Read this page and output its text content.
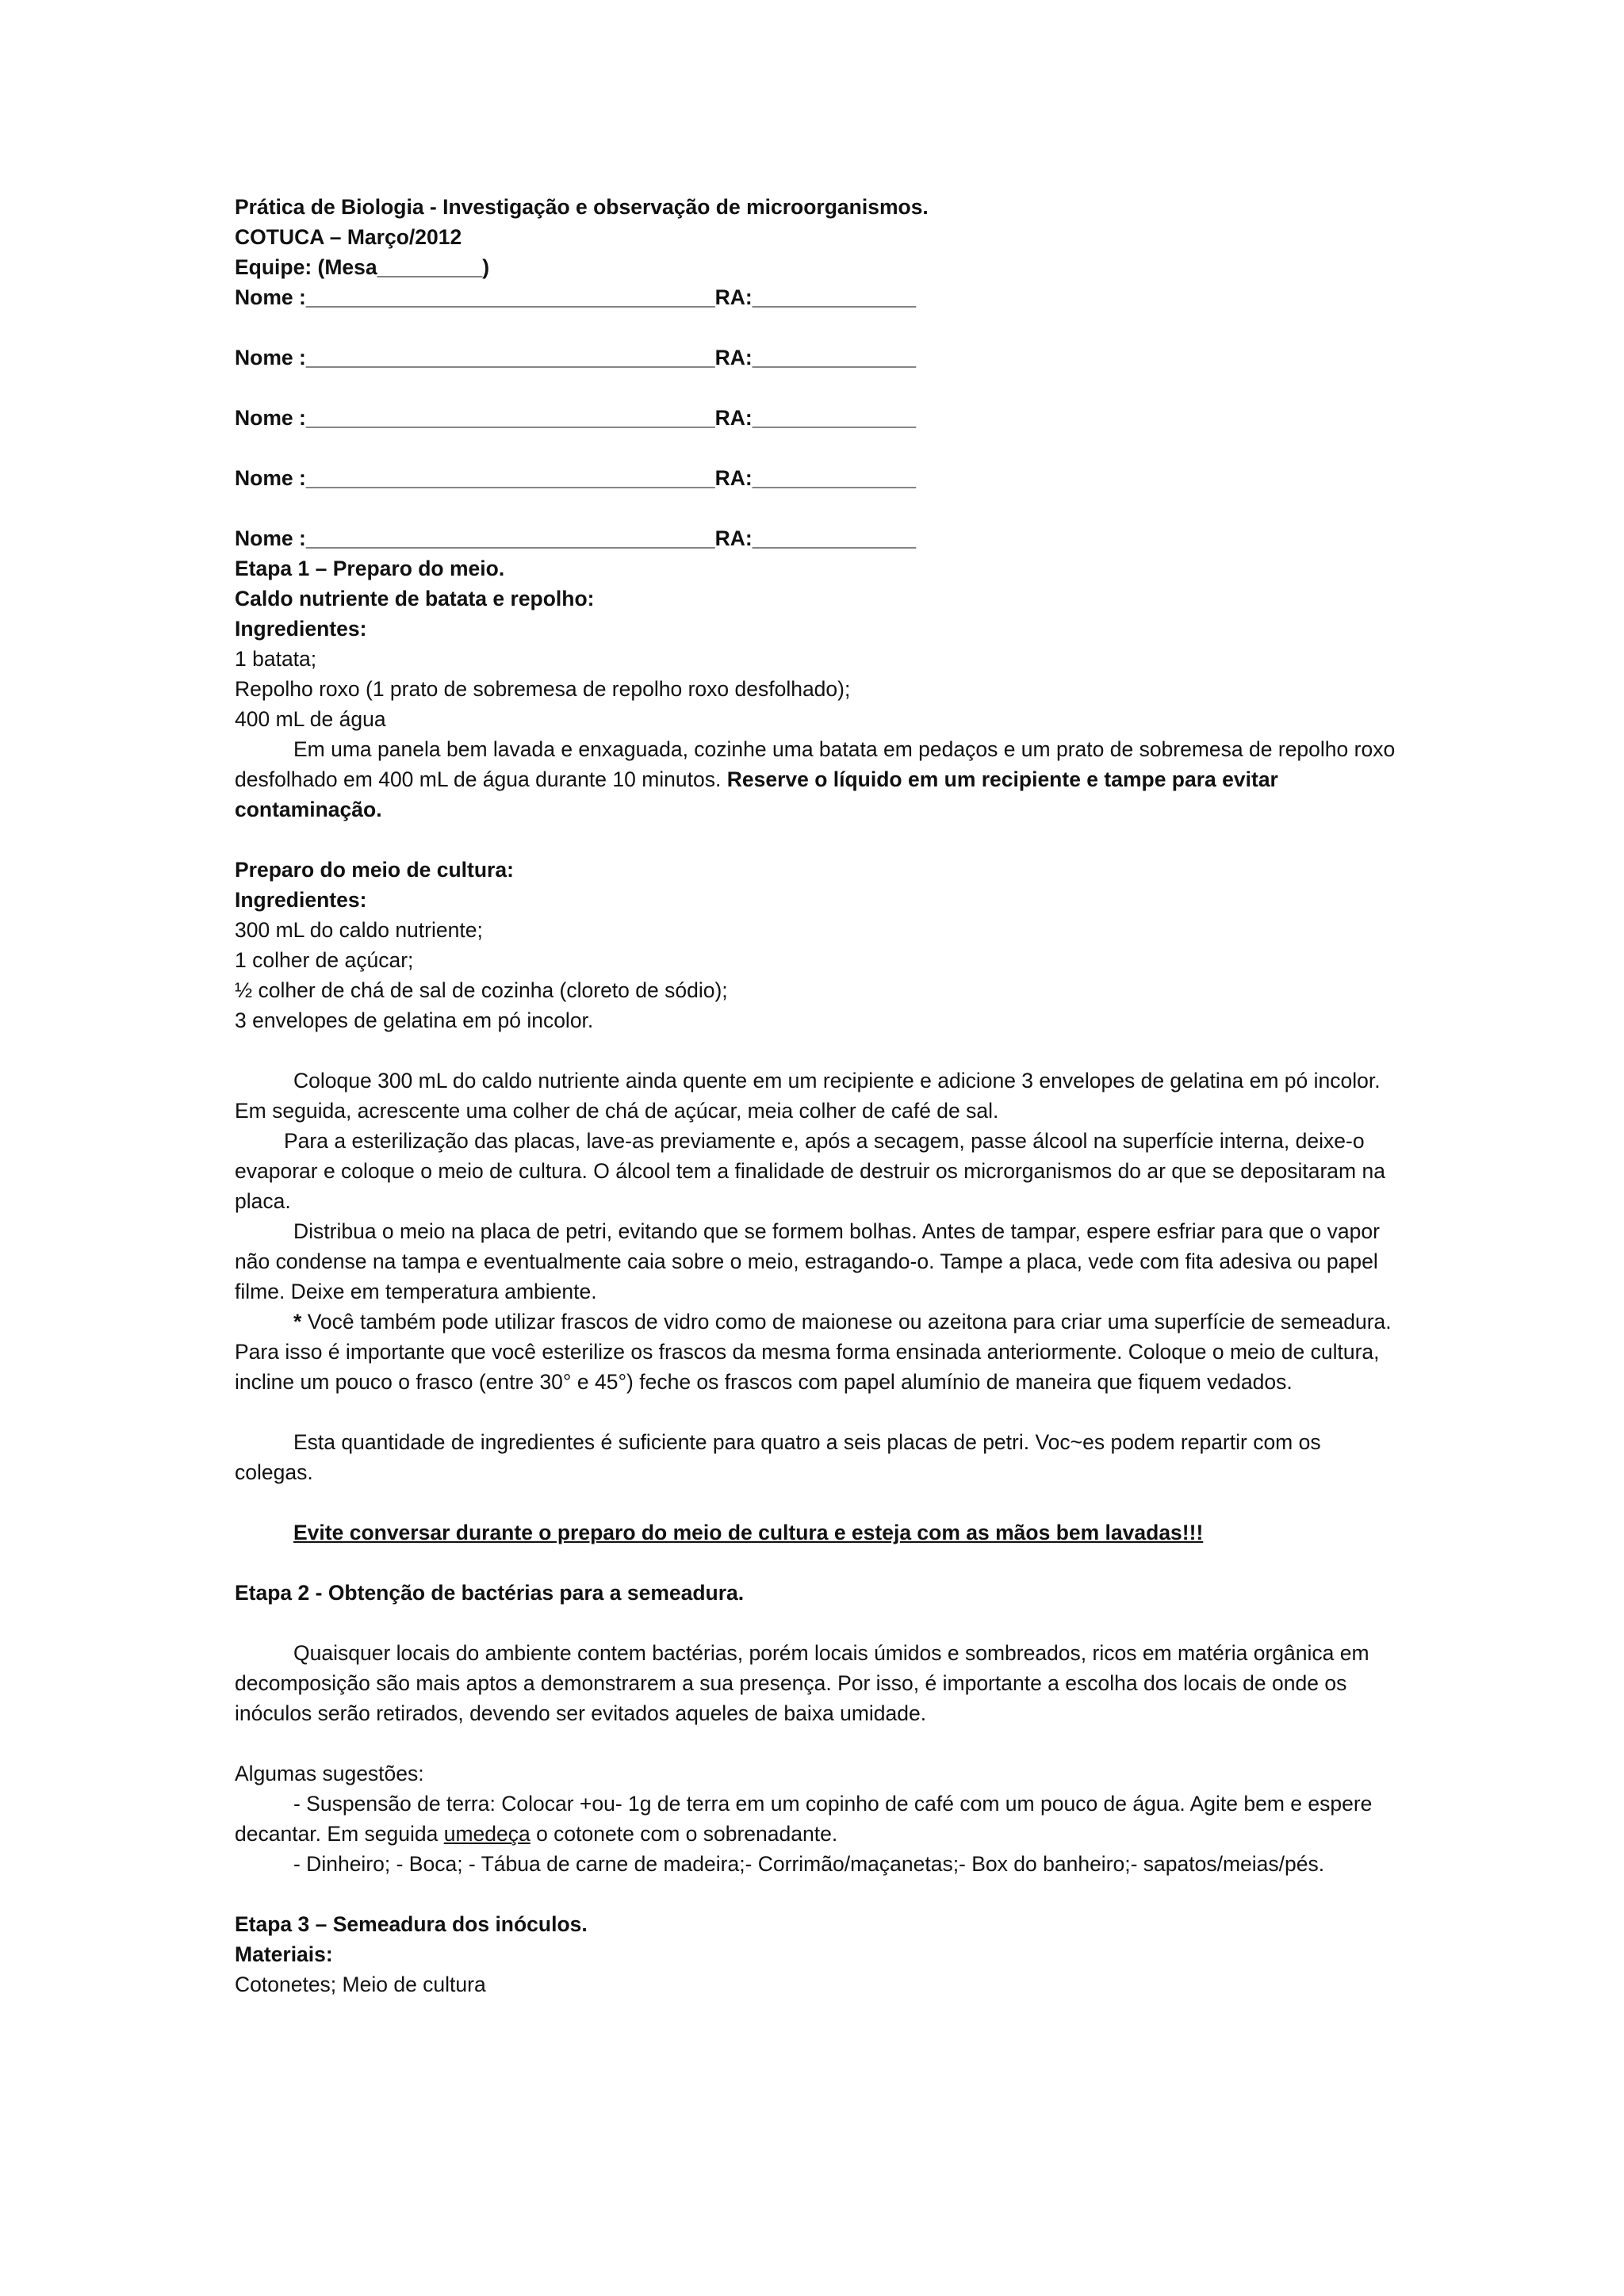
Prática de Biologia - Investigação e observação de microorganismos.
COTUCA – Março/2012
Equipe: (Mesa_________)
Nome :___________________________________RA:______________
Nome :___________________________________RA:______________
Nome :___________________________________RA:______________
Nome :___________________________________RA:______________
Nome :___________________________________RA:______________
Etapa 1 – Preparo do meio.
Caldo nutriente de batata e repolho:
Ingredientes:
1 batata;
Repolho roxo (1 prato de sobremesa de repolho roxo desfolhado);
400 mL de água

Em uma panela bem lavada e enxaguada, cozinhe uma batata em pedaços e um prato de sobremesa de repolho roxo desfolhado em 400 mL de água durante 10 minutos. Reserve o líquido em um recipiente e tampe para evitar contaminação.

Preparo do meio de cultura:
Ingredientes:
300 mL do caldo nutriente;
1 colher de açúcar;
½ colher de chá de sal de cozinha (cloreto de sódio);
3 envelopes de gelatina em pó incolor.

Coloque 300 mL do caldo nutriente ainda quente em um recipiente e adicione 3 envelopes de gelatina em pó incolor. Em seguida, acrescente uma colher de chá de açúcar, meia colher de café de sal.

Para a esterilização das placas, lave-as previamente e, após a secagem, passe álcool na superfície interna, deixe-o evaporar e coloque o meio de cultura. O álcool tem a finalidade de destruir os microrganismos do ar que se depositaram na placa.

Distribua o meio na placa de petri, evitando que se formem bolhas. Antes de tampar, espere esfriar para que o vapor não condense na tampa e eventualmente caia sobre o meio, estragando-o. Tampe a placa, vede com fita adesiva ou papel filme. Deixe em temperatura ambiente.

* Você também pode utilizar frascos de vidro como de maionese ou azeitona para criar uma superfície de semeadura. Para isso é importante que você esterilize os frascos da mesma forma ensinada anteriormente. Coloque o meio de cultura, incline um pouco o frasco (entre 30° e 45°) feche os frascos com papel alumínio de maneira que fiquem vedados.

Esta quantidade de ingredientes é suficiente para quatro a seis placas de petri. Voc~es podem repartir com os colegas.

Evite conversar durante o preparo do meio de cultura e esteja com as mãos bem lavadas!!!
Etapa 2 - Obtenção de bactérias para a semeadura.

Quaisquer locais do ambiente contem bactérias, porém locais úmidos e sombreados, ricos em matéria orgânica em decomposição são mais aptos a demonstrarem a sua presença. Por isso, é importante a escolha dos locais de onde os inóculos serão retirados, devendo ser evitados aqueles de baixa umidade.

Algumas sugestões:

- Suspensão de terra: Colocar +ou- 1g de terra em um copinho de café com um pouco de água. Agite bem e espere decantar. Em seguida umedeça o cotonete com o sobrenadante.

- Dinheiro; - Boca; - Tábua de carne de madeira;- Corrimão/maçanetas;- Box do banheiro;- sapatos/meias/pés.

Etapa 3 – Semeadura dos inóculos.
Materiais:
Cotonetes; Meio de cultura
